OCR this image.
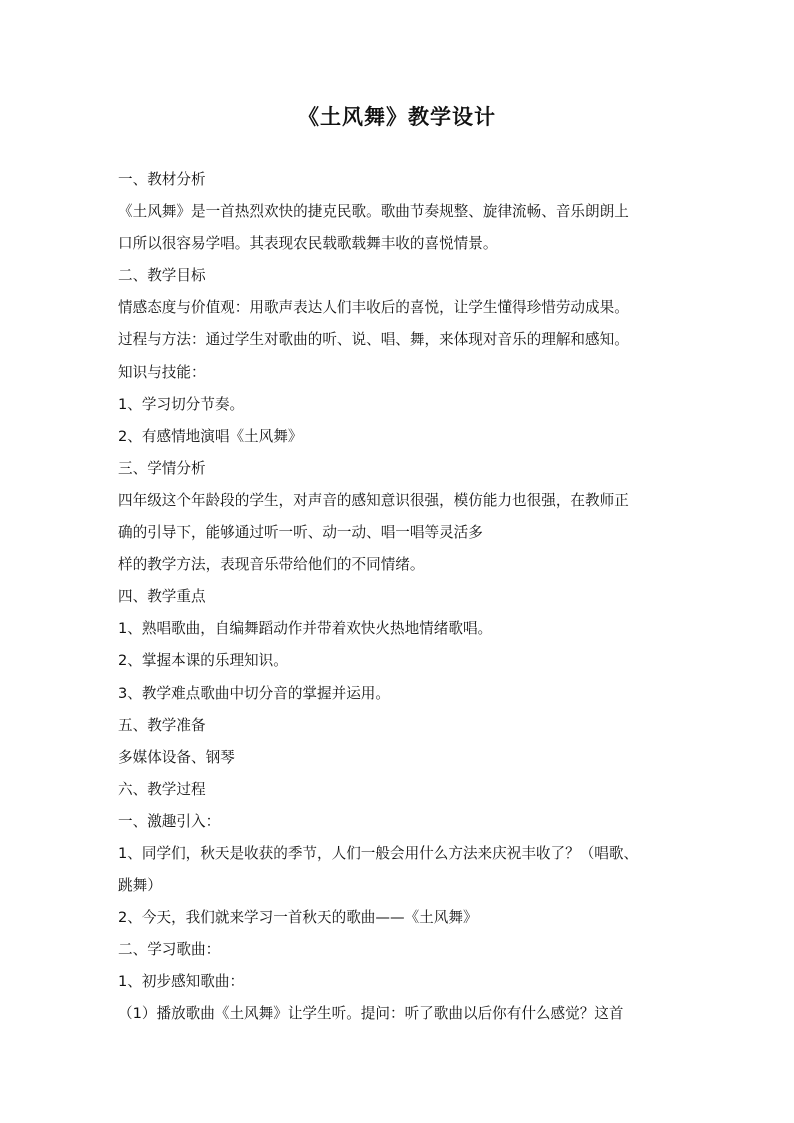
《土风舞》教学设计
一、教材分析
《土风舞》是一首热烈欢快的捷克民歌。歌曲节奏规整、旋律流畅、音乐朗朗上
口所以很容易学唱。其表现农民载歌载舞丰收的喜悦情景。
二、教学目标
情感态度与价值观：用歌声表达人们丰收后的喜悦，让学生懂得珍惜劳动成果。
过程与方法：通过学生对歌曲的听、说、唱、舞，来体现对音乐的理解和感知。
知识与技能：
1、学习切分节奏。
2、有感情地演唱《土风舞》
三、学情分析
四年级这个年龄段的学生，对声音的感知意识很强，模仿能力也很强，在教师正
确的引导下，能够通过听一听、动一动、唱一唱等灵活多
样的教学方法，表现音乐带给他们的不同情绪。
四、教学重点
1、熟唱歌曲，自编舞蹈动作并带着欢快火热地情绪歌唱。
2、掌握本课的乐理知识。
3、教学难点歌曲中切分音的掌握并运用。
五、教学准备
多媒体设备、钢琴
六、教学过程
一、激趣引入：
1、同学们，秋天是收获的季节，人们一般会用什么方法来庆祝丰收了？（唱歌、
跳舞）
2、今天，我们就来学习一首秋天的歌曲——《土风舞》
二、学习歌曲：
1、初步感知歌曲：
（1）播放歌曲《土风舞》让学生听。提问：听了歌曲以后你有什么感觉？这首
